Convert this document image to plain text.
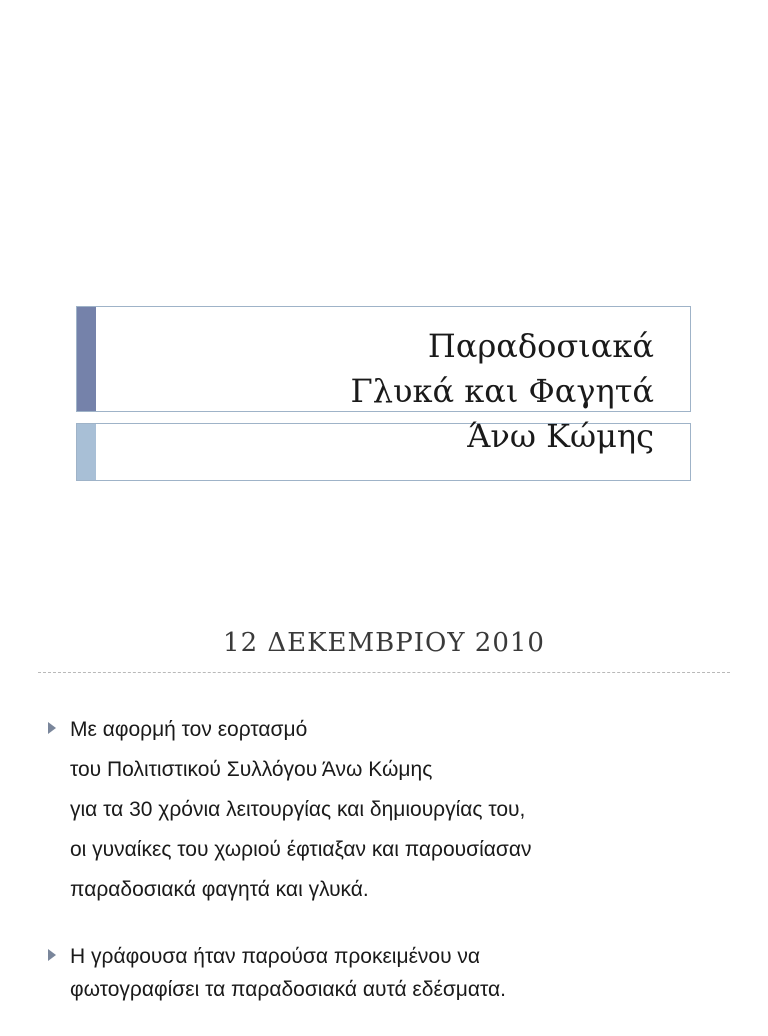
Παραδοσιακά
Γλυκά και Φαγητά
Άνω Κώμης
12 ΔΕΚΕΜΒΡΙΟΥ 2010
Με αφορμή τον εορτασμό
του Πολιτιστικού Συλλόγου Άνω Κώμης
για τα 30 χρόνια λειτουργίας και δημιουργίας του,
οι γυναίκες του χωριού έφτιαξαν και παρουσίασαν
παραδοσιακά φαγητά και γλυκά.
Η γράφουσα ήταν παρούσα προκειμένου να
φωτογραφίσει τα παραδοσιακά αυτά εδέσματα.
